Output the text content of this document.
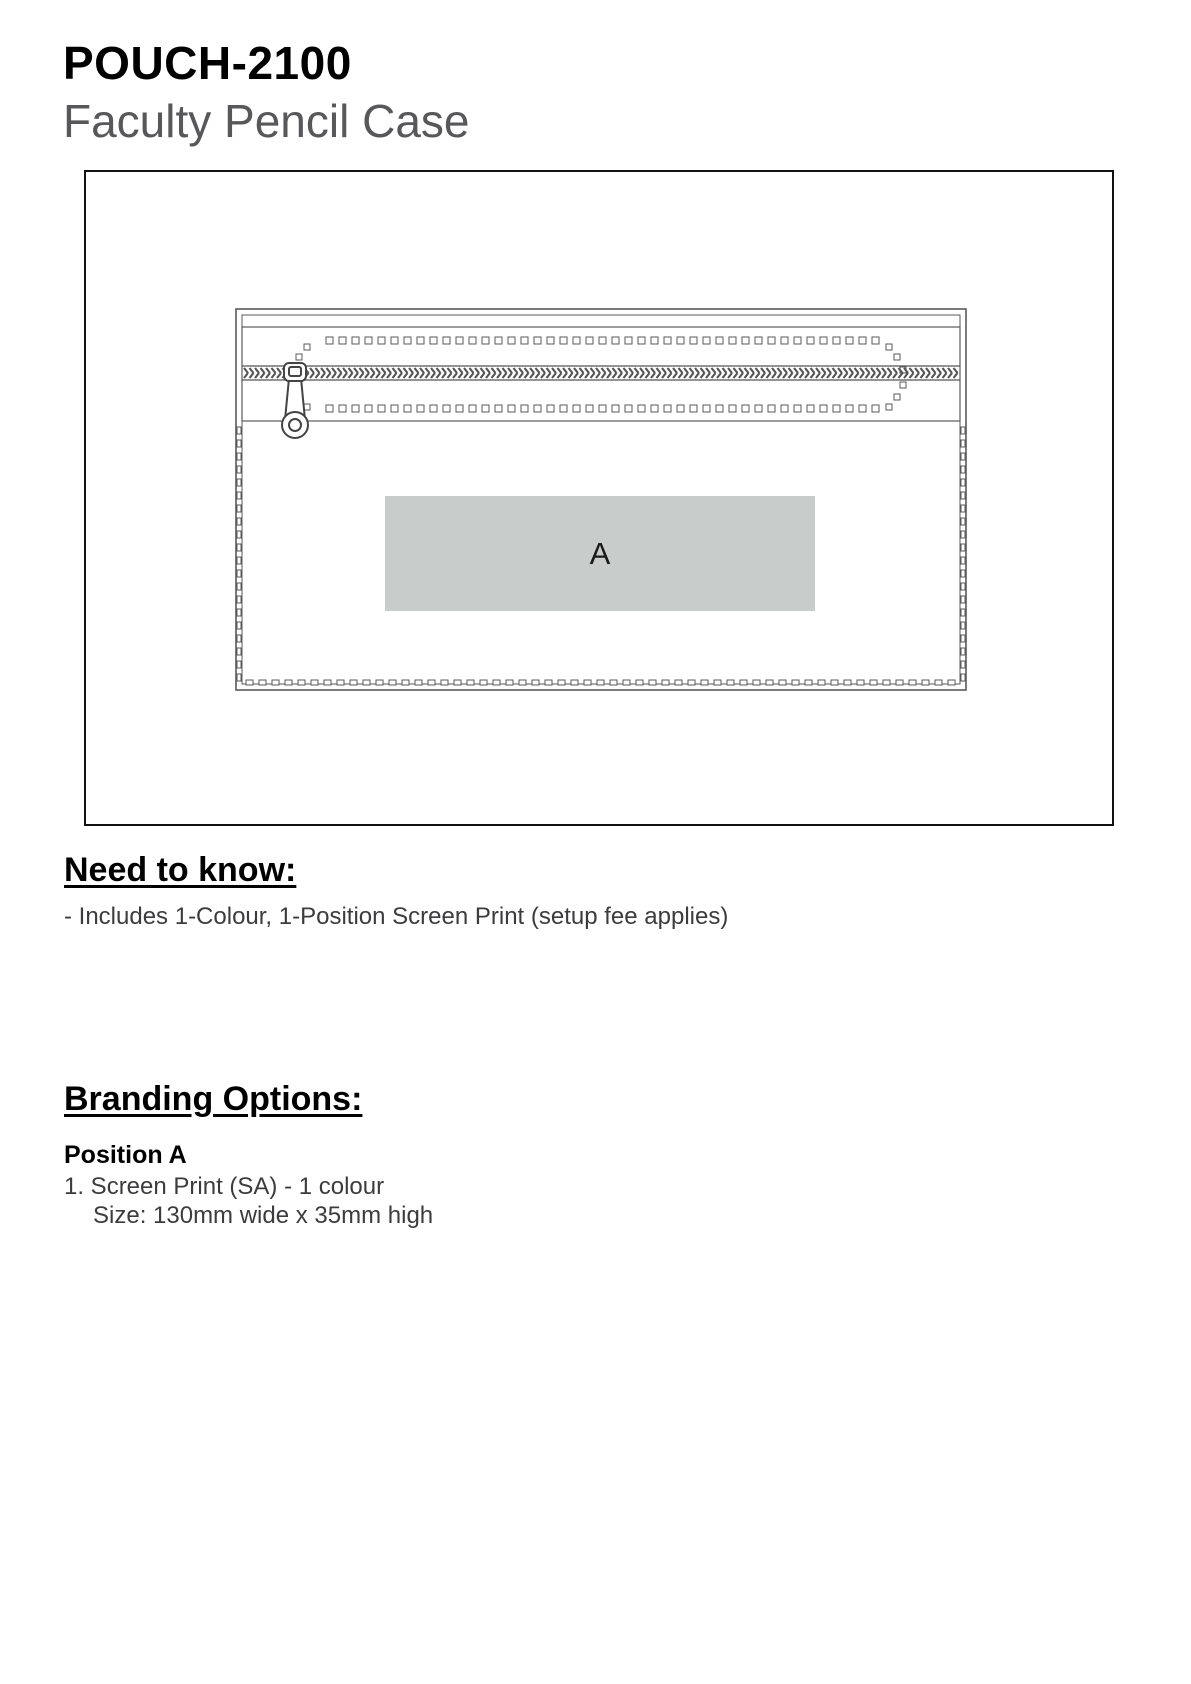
POUCH-2100
Faculty Pencil Case
A
Need to know:

- Includes 1-Colour, 1-Position Screen Print (setup fee applies)

Branding Options:

Position A

1. Screen Print (SA) - 1 colour

Size: 130mm wide x 35mm high
